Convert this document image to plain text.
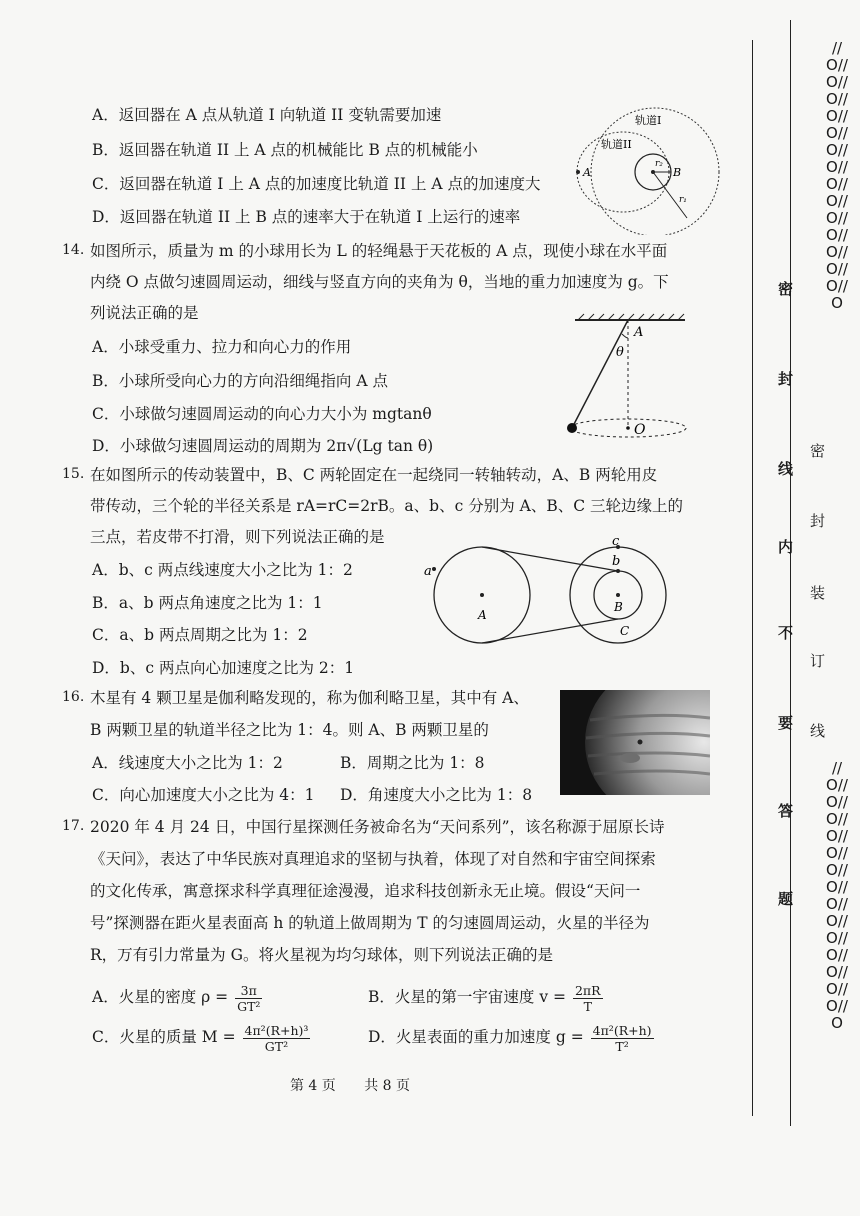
A．返回器在 A 点从轨道 I 向轨道 II 变轨需要加速
B．返回器在轨道 II 上 A 点的机械能比 B 点的机械能小
C．返回器在轨道 I 上 A 点的加速度比轨道 II 上 A 点的加速度大
D．返回器在轨道 II 上 B 点的速率大于在轨道 I 上运行的速率
轨道I
轨道II
A	B
r₂
r₁
14. 如图所示，质量为 m 的小球用长为 L 的轻绳悬于天花板的 A 点，现使小球在水平面
内绕 O 点做匀速圆周运动，细线与竖直方向的夹角为 θ，当地的重力加速度为 g。下
列说法正确的是
A．小球受重力、拉力和向心力的作用
B．小球所受向心力的方向沿细绳指向 A 点
C．小球做匀速圆周运动的向心力大小为 mgtanθ
D．小球做匀速圆周运动的周期为 2π√(Lg tan θ)
A
θ
O
15. 在如图所示的传动装置中，B、C 两轮固定在一起绕同一转轴转动，A、B 两轮用皮
带传动，三个轮的半径关系是 rA=rC=2rB。a、b、c 分别为 A、B、C 三轮边缘上的
三点，若皮带不打滑，则下列说法正确的是
A．b、c 两点线速度大小之比为 1：2
B．a、b 两点角速度之比为 1：1
C．a、b 两点周期之比为 1：2
D．b、c 两点向心加速度之比为 2：1
a
b
c
A
B
C
16. 木星有 4 颗卫星是伽利略发现的，称为伽利略卫星，其中有 A、
B 两颗卫星的轨道半径之比为 1：4。则 A、B 两颗卫星的
A．线速度大小之比为 1：2	B．周期之比为 1：8
C．向心加速度大小之比为 4：1 D．角速度大小之比为 1：8
17. 2020 年 4 月 24 日，中国行星探测任务被命名为“天问系列”，该名称源于屈原长诗
《天问》，表达了中华民族对真理追求的坚韧与执着，体现了对自然和宇宙空间探索
的文化传承，寓意探求科学真理征途漫漫，追求科技创新永无止境。假设“天问一
号”探测器在距火星表面高 h 的轨道上做周期为 T 的匀速圆周运动，火星的半径为
R，万有引力常量为 G。将火星视为均匀球体，则下列说法正确的是
A．火星的密度 $\rho = \frac{3\pi}{\text{GT²}}$	B．火星的第一宇宙速度 $v = \frac{2\pi R}{T}$
C．火星的质量 $M = \frac{\text{4π²(R+h)³}}{\text{GT²}}$	D．火星表面的重力加速度 $g = \frac{\text{4π²(R+h)}}{\text{T²}}$
第 4 页 共 8 页
密
封
线
内
不
要
答
题
密
封
装
订
线
//O//O//O//O//O//O//O//O//O//O//O//O//O//O//O
//O//O//O//O//O//O//O//O//O//O//O//O//O//O//O
